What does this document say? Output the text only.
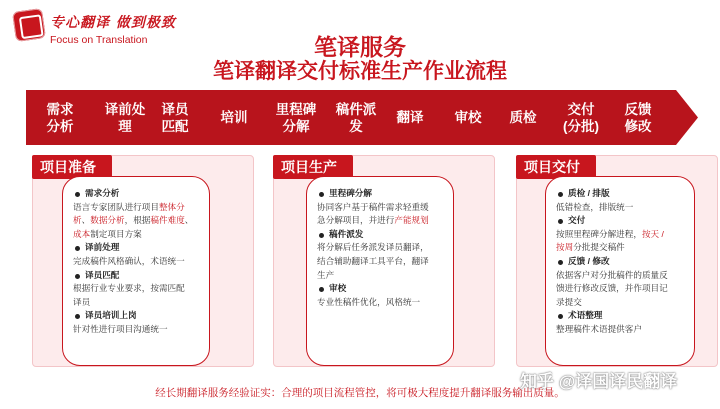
专心翻译 做到极致
Focus on Translation	笔译服务
笔译翻译交付标准生产作业流程
需求
分析
译前处
理
译员
匹配
培训
里程碑
分解
稿件派
发
翻译	审校	质检
交付
(分批)
反馈
修改
项目准备
需求分析
语言专家团队进行项目整体分
析、数据分析，根据稿件难度、
成本制定项目方案
译前处理
完成稿件风格确认，术语统一
译员匹配
根据行业专业要求，按需匹配
译员
译员培训上岗
针对性进行项目沟通统一
项目生产
里程碑分解
协同客户基于稿件需求轻重缓
急分解项目，并进行产能规划
稿件派发
将分解后任务派发译员翻译，
结合辅助翻译工具平台，翻译
生产
审校
专业性稿件优化，风格统一
项目交付
质检 / 排版
低错检查，排版统一
交付
按照里程碑分解进程，按天 /
按周分批提交稿件
反馈 / 修改
依据客户对分批稿件的质量反
馈进行修改反馈，并作项目记
录提交
术语整理
整理稿件术语提供客户
经长期翻译服务经验证实：合理的项目流程管控，将可极大程度提升翻译服务输出质量。
知乎 @译国译民翻译
